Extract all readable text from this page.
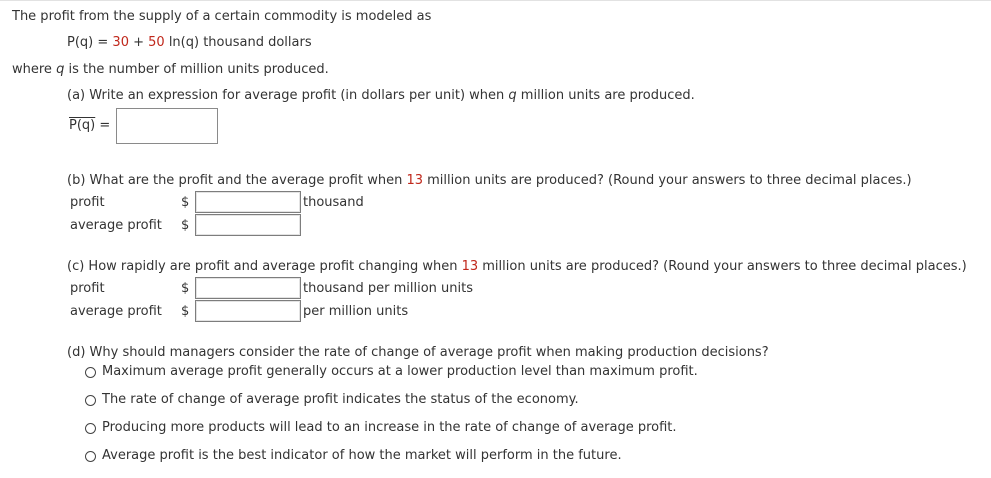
The profit from the supply of a certain commodity is modeled as
P(q) = 30 + 50 ln(q) thousand dollars
where q is the number of million units produced.
(a) Write an expression for average profit (in dollars per unit) when q million units are produced.
P(q) =
(b) What are the profit and the average profit when 13 million units are produced? (Round your answers to three decimal places.)
profit	$	thousand
average profit $
(c) How rapidly are profit and average profit changing when 13 million units are produced? (Round your answers to three decimal places.)
profit	$	thousand per million units
average profit $	per million units
(d) Why should managers consider the rate of change of average profit when making production decisions?
Maximum average profit generally occurs at a lower production level than maximum profit.
The rate of change of average profit indicates the status of the economy.
Producing more products will lead to an increase in the rate of change of average profit.
Average profit is the best indicator of how the market will perform in the future.
